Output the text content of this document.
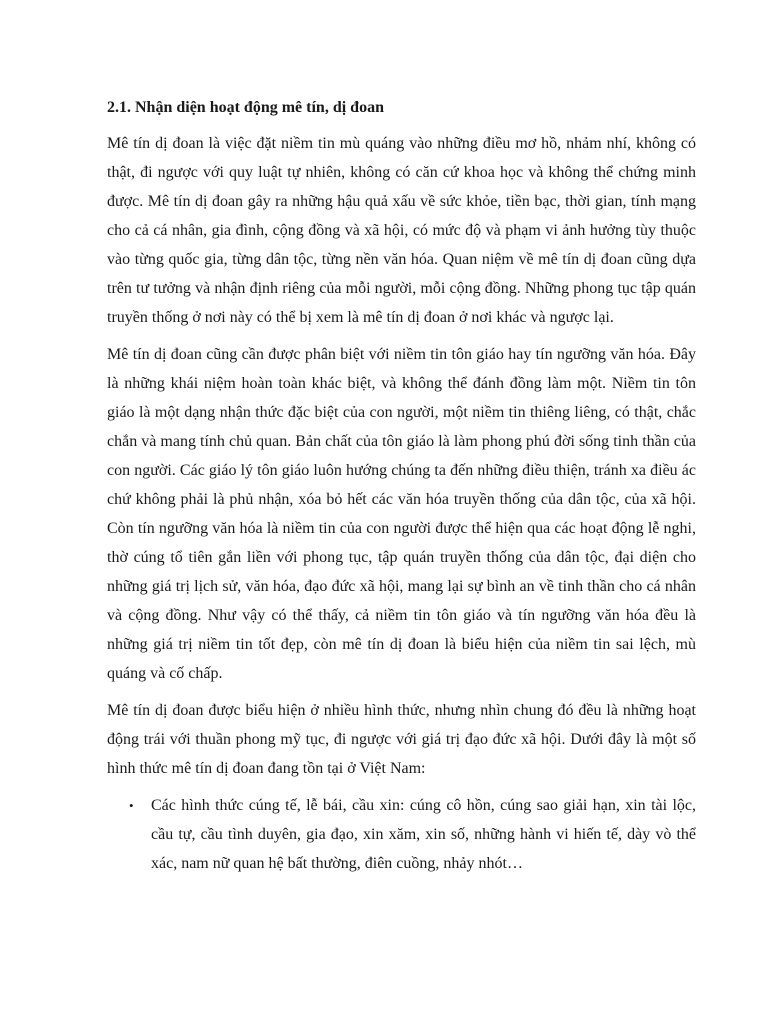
2.1. Nhận diện hoạt động mê tín, dị đoan

Mê tín dị đoan là việc đặt niềm tin mù quáng vào những điều mơ hồ, nhảm nhí, không có thật, đi ngược với quy luật tự nhiên, không có căn cứ khoa học và không thể chứng minh được. Mê tín dị đoan gây ra những hậu quả xấu về sức khỏe, tiền bạc, thời gian, tính mạng cho cả cá nhân, gia đình, cộng đồng và xã hội, có mức độ và phạm vi ảnh hưởng tùy thuộc vào từng quốc gia, từng dân tộc, từng nền văn hóa. Quan niệm về mê tín dị đoan cũng dựa trên tư tưởng và nhận định riêng của mỗi người, mỗi cộng đồng. Những phong tục tập quán truyền thống ở nơi này có thể bị xem là mê tín dị đoan ở nơi khác và ngược lại.

Mê tín dị đoan cũng cần được phân biệt với niềm tin tôn giáo hay tín ngưỡng văn hóa. Đây là những khái niệm hoàn toàn khác biệt, và không thể đánh đồng làm một. Niềm tin tôn giáo là một dạng nhận thức đặc biệt của con người, một niềm tin thiêng liêng, có thật, chắc chắn và mang tính chủ quan. Bản chất của tôn giáo là làm phong phú đời sống tinh thần của con người. Các giáo lý tôn giáo luôn hướng chúng ta đến những điều thiện, tránh xa điều ác chứ không phải là phủ nhận, xóa bỏ hết các văn hóa truyền thống của dân tộc, của xã hội. Còn tín ngưỡng văn hóa là niềm tin của con người được thể hiện qua các hoạt động lễ nghi, thờ cúng tổ tiên gắn liền với phong tục, tập quán truyền thống của dân tộc, đại diện cho những giá trị lịch sử, văn hóa, đạo đức xã hội, mang lại sự bình an về tinh thần cho cá nhân và cộng đồng. Như vậy có thể thấy, cả niềm tin tôn giáo và tín ngưỡng văn hóa đều là những giá trị niềm tin tốt đẹp, còn mê tín dị đoan là biểu hiện của niềm tin sai lệch, mù quáng và cố chấp.

Mê tín dị đoan được biểu hiện ở nhiều hình thức, nhưng nhìn chung đó đều là những hoạt động trái với thuần phong mỹ tục, đi ngược với giá trị đạo đức xã hội. Dưới đây là một số hình thức mê tín dị đoan đang tồn tại ở Việt Nam:

• Các hình thức cúng tế, lễ bái, cầu xin: cúng cô hồn, cúng sao giải hạn, xin tài lộc, cầu tự, cầu tình duyên, gia đạo, xin xăm, xin số, những hành vi hiến tế, dày vò thể xác, nam nữ quan hệ bất thường, điên cuồng, nhảy nhót…
